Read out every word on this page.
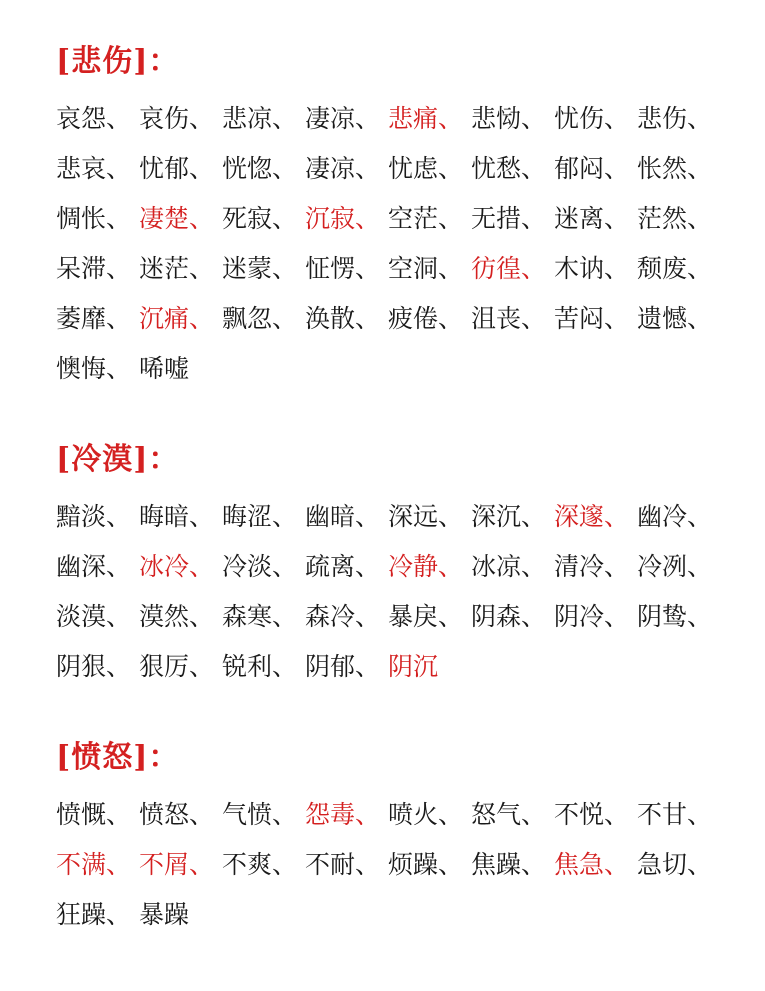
[悲伤]：
哀怨、 哀伤、 悲凉、 凄凉、 悲痛、 悲恸、 忧伤、 悲伤、
悲哀、 忧郁、 恍惚、 凄凉、 忧虑、 忧愁、 郁闷、 怅然、
惆怅、 凄楚、 死寂、 沉寂、 空茫、 无措、 迷离、 茫然、
呆滞、 迷茫、 迷蒙、 怔愣、 空洞、 彷徨、 木讷、 颓废、
萎靡、 沉痛、 飘忽、 涣散、 疲倦、 沮丧、 苦闷、 遗憾、
懊悔、 唏嘘
[冷漠]：
黯淡、 晦暗、 晦涩、 幽暗、 深远、 深沉、 深邃、 幽冷、
幽深、 冰冷、 冷淡、 疏离、 冷静、 冰凉、 清冷、 冷冽、
淡漠、 漠然、 森寒、 森冷、 暴戾、 阴森、 阴冷、 阴鸷、
阴狠、 狠厉、 锐利、 阴郁、 阴沉
[愤怒]：
愤慨、 愤怒、 气愤、 怨毒、 喷火、 怒气、 不悦、 不甘、
不满、 不屑、 不爽、 不耐、 烦躁、 焦躁、 焦急、 急切、
狂躁、 暴躁
